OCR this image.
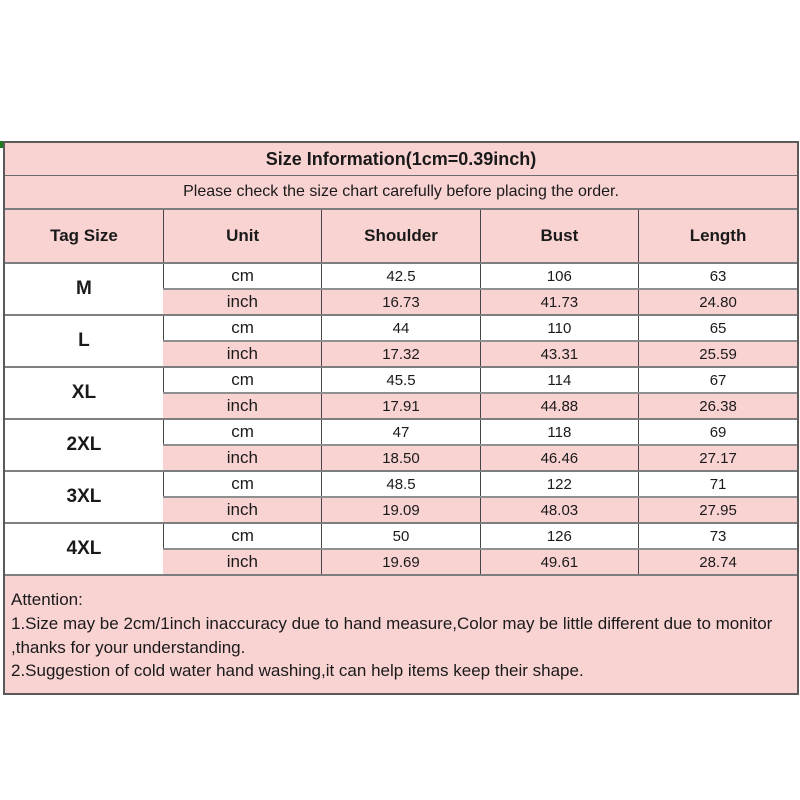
Size Information(1cm=0.39inch)				
Please check the size chart carefully before placing the order.				
Tag Size	Unit	Shoulder	Bust	Length
M	cm	42.5	106	63
	inch	16.73	41.73	24.80
L	cm	44	110	65
	inch	17.32	43.31	25.59
XL	cm	45.5	114	67
	inch	17.91	44.88	26.38
2XL	cm	47	118	69
	inch	18.50	46.46	27.17
3XL	cm	48.5	122	71
	inch	19.09	48.03	27.95
4XL	cm	50	126	73
	inch	19.69	49.61	28.74
Attention:
1.Size may be 2cm/1inch inaccuracy due to hand measure,Color may be little different due to monitor ,thanks for your understanding.
2.Suggestion of cold water hand washing,it can help items keep their shape.
